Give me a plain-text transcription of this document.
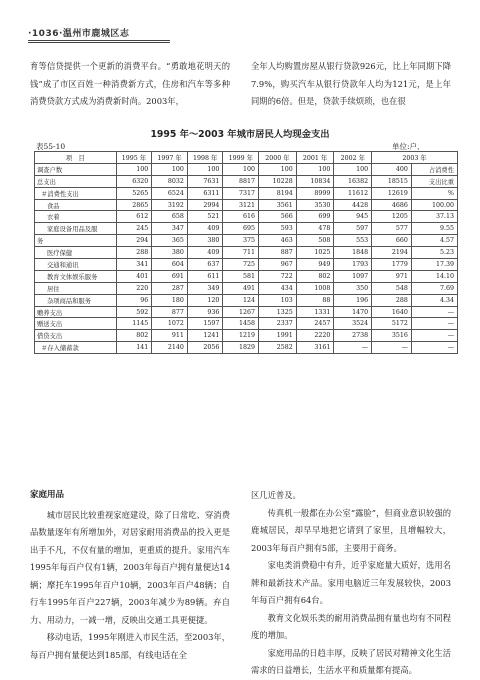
·1036·温州市鹿城区志

育等信贷提供一个更新的消费平台。“勇敢地花明天的钱”成了市区百姓一种消费新方式，住房和汽车等多种消费贷款方式成为消费新时尚。2003年，

全年人均购置房屋从银行贷款926元，比上年同期下降7.9%，购买汽车从银行贷款年人均为121元，是上年同期的6倍。但是，贷款手续烦琐，也在很

1995 年～2003 年城市居民人均现金支出
表55-10	单位:户、
项　目	1995 年	1997 年	1998 年	1999 年	2000 年	2001 年	2002 年	2003 年	
调查户数	100	100	100	100	100	100	100	400	占消费性
总支出	6320	8032	7631	8817	10228	10834	16382	18515	支出比重
＃消费性支出	5265	6524	6311	7317	8194	8999	11612	12619	%
食品	2865	3192	2994	3121	3561	3530	4428	4686	100.00
衣着	612	658	521	616	566	699	945	1205	37.13
家庭设备用品及服	245	347	409	695	593	478	597	577	9.55
务	294	365	380	375	463	508	553	660	4.57
医疗保健	288	380	409	711	887	1025	1848	2194	5.23
交通和通讯	341	604	637	725	967	949	1793	1779	17.39
教育文体娱乐服务	401	691	611	581	722	802	1097	971	14.10
居住	220	287	349	491	434	1008	350	548	7.69
杂项商品和服务	96	180	120	124	103	88	196	288	4.34
赡养支出	592	877	936	1267	1325	1331	1470	1640	—
赠送支出	1145	1072	1597	1458	2337	2457	3524	5172	—
借贷支出	802	911	1241	1219	1991	2220	2738	3516	—
＃存入储蓄款	141	2140	2056	1829	2582	3161	—	—	—

家庭用品

城市居民比较重视家庭建设，除了日常吃、穿消费品数量逐年有所增加外，对居家耐用消费品的投入更是出手不凡，不仅有量的增加，更重质的提升。家用汽车1995年每百户仅有1辆，2003年每百户拥有量便达14辆；摩托车1995年百户10辆，2003年百户48辆；自行车1995年百户227辆，2003年减少为89辆。弃自力、用动力，一减一增，反映出交通工具更便捷。

移动电话，1995年刚进入市民生活，至2003年，每百户拥有量便达到185部，有线电话在全

区几近普及。

传真机一般都在办公室“露脸”，但商业意识较强的鹿城居民，却早早地把它请到了家里，且增幅较大，2003年每百户拥有5部，主要用于商务。

家电类消费稳中有升，近乎家庭量大质好，选用名牌和最新技术产品。家用电脑近三年发展较快，2003年每百户拥有64台。

教育文化娱乐类的耐用消费品拥有量也均有不同程度的增加。

家庭用品的日趋丰厚，反映了居民对精神文化生活需求的日益增长，生活水平和质量都有提高。
